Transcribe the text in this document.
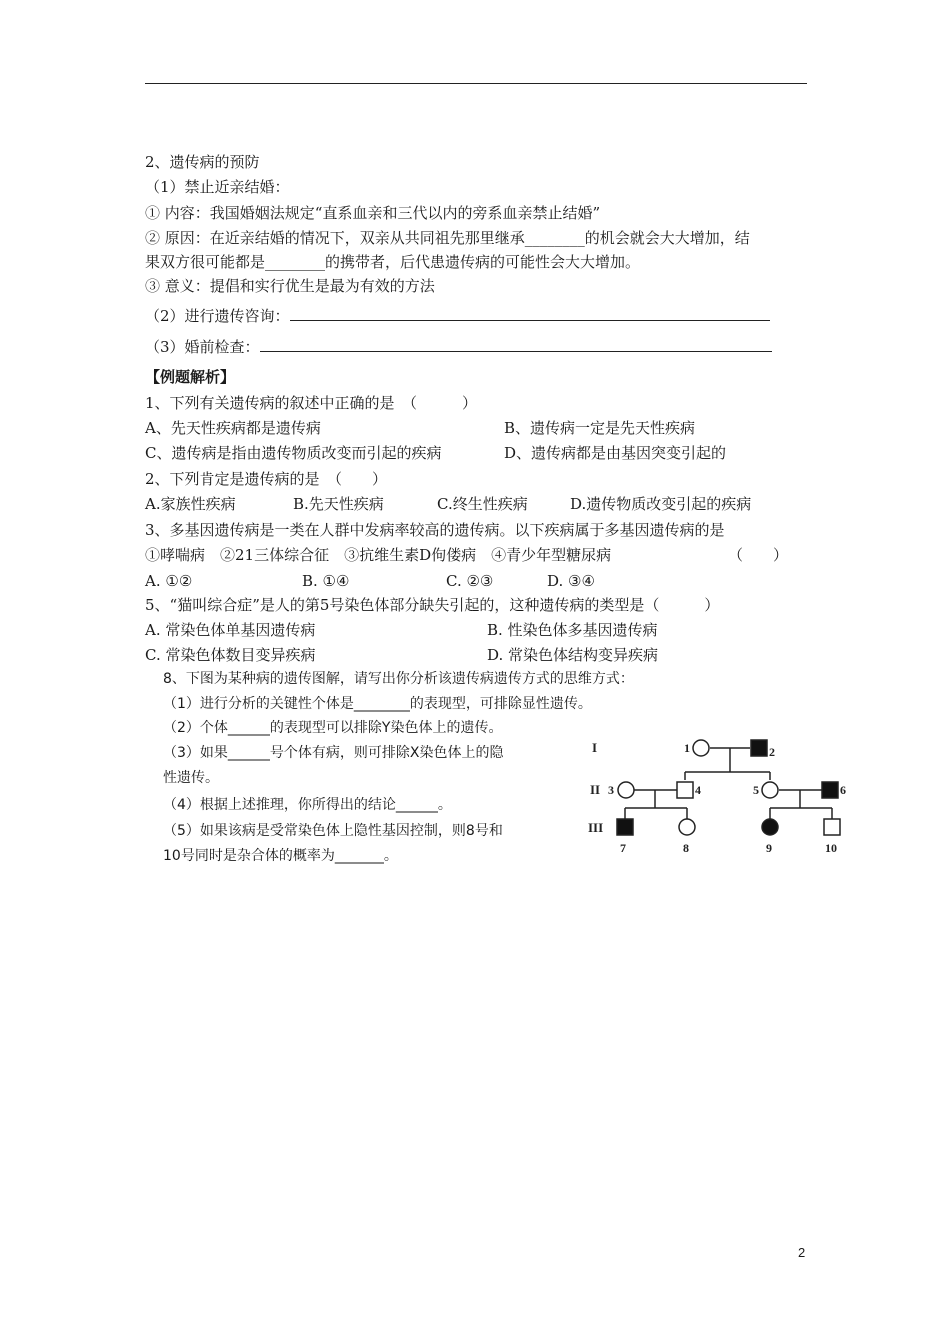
2、遗传病的预防
（1）禁止近亲结婚：
① 内容：我国婚姻法规定“直系血亲和三代以内的旁系血亲禁止结婚”
② 原因：在近亲结婚的情况下，双亲从共同祖先那里继承________的机会就会大大增加，结
果双方很可能都是________的携带者，后代患遗传病的可能性会大大增加。
③ 意义：提倡和实行优生是最为有效的方法
（2）进行遗传咨询：
（3）婚前检查：
【例题解析】
1、下列有关遗传病的叙述中正确的是　（　　　）
A、先天性疾病都是遗传病	B、遗传病一定是先天性疾病
C、遗传病是指由遗传物质改变而引起的疾病	D、遗传病都是由基因突变引起的
2、下列肯定是遗传病的是　（　　）
A.家族性疾病	B.先天性疾病	C.终生性疾病	D.遗传物质改变引起的疾病
3、多基因遗传病是一类在人群中发病率较高的遗传病。以下疾病属于多基因遗传病的是
①哮喘病　②21三体综合征　③抗维生素D佝偻病　④青少年型糖尿病	（　　）
A. ①②	B. ①④	C. ②③	D. ③④
5、“猫叫综合症”是人的第5号染色体部分缺失引起的，这种遗传病的类型是（　　　）
A. 常染色体单基因遗传病	B. 性染色体多基因遗传病
C. 常染色体数目变异疾病	D. 常染色体结构变异疾病
8、下图为某种病的遗传图解，请写出你分析该遗传病遗传方式的思维方式：
（1）进行分析的关键性个体是________的表现型，可排除显性遗传。
（2）个体______的表现型可以排除Y染色体上的遗传。
（3）如果______号个体有病，则可排除X染色体上的隐
性遗传。
（4）根据上述推理，你所得出的结论______。
（5）如果该病是受常染色体上隐性基因控制，则8号和
10号同时是杂合体的概率为_______。
I
II
III
1	2
3	4	5	6
7	8	9	10
2
